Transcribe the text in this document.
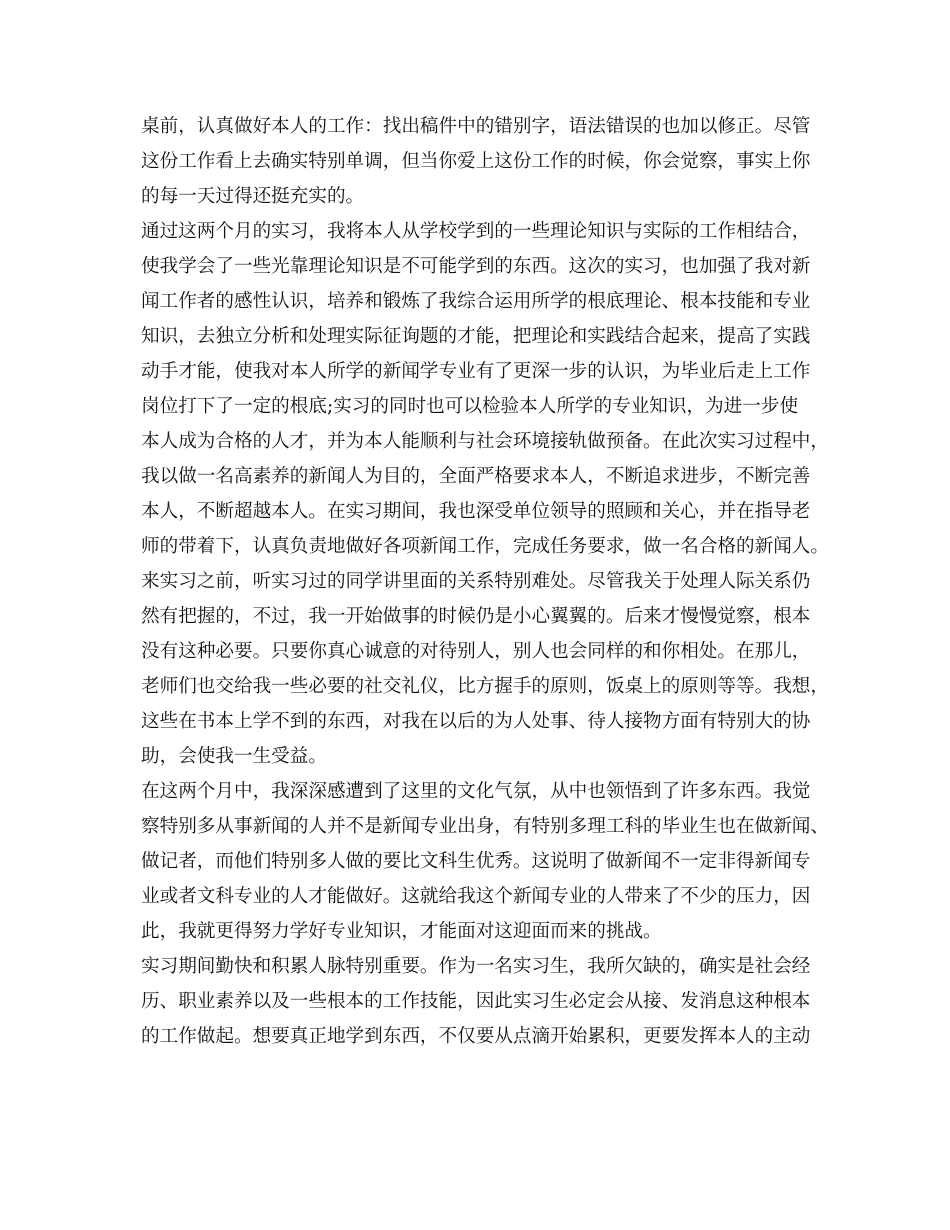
桌前，认真做好本人的工作：找出稿件中的错别字，语法错误的也加以修正。尽管
这份工作看上去确实特别单调，但当你爱上这份工作的时候，你会觉察，事实上你
的每一天过得还挺充实的。
通过这两个月的实习，我将本人从学校学到的一些理论知识与实际的工作相结合，
使我学会了一些光靠理论知识是不可能学到的东西。这次的实习，也加强了我对新
闻工作者的感性认识，培养和锻炼了我综合运用所学的根底理论、根本技能和专业
知识，去独立分析和处理实际征询题的才能，把理论和实践结合起来，提高了实践
动手才能，使我对本人所学的新闻学专业有了更深一步的认识，为毕业后走上工作
岗位打下了一定的根底;实习的同时也可以检验本人所学的专业知识，为进一步使
本人成为合格的人才，并为本人能顺利与社会环境接轨做预备。在此次实习过程中，
我以做一名高素养的新闻人为目的，全面严格要求本人，不断追求进步，不断完善
本人，不断超越本人。在实习期间，我也深受单位领导的照顾和关心，并在指导老
师的带着下，认真负责地做好各项新闻工作，完成任务要求，做一名合格的新闻人。
来实习之前，听实习过的同学讲里面的关系特别难处。尽管我关于处理人际关系仍
然有把握的，不过，我一开始做事的时候仍是小心翼翼的。后来才慢慢觉察，根本
没有这种必要。只要你真心诚意的对待别人，别人也会同样的和你相处。在那儿，
老师们也交给我一些必要的社交礼仪，比方握手的原则，饭桌上的原则等等。我想，
这些在书本上学不到的东西，对我在以后的为人处事、待人接物方面有特别大的协
助，会使我一生受益。
在这两个月中，我深深感遭到了这里的文化气氛，从中也领悟到了许多东西。我觉
察特别多从事新闻的人并不是新闻专业出身，有特别多理工科的毕业生也在做新闻、
做记者，而他们特别多人做的要比文科生优秀。这说明了做新闻不一定非得新闻专
业或者文科专业的人才能做好。这就给我这个新闻专业的人带来了不少的压力，因
此，我就更得努力学好专业知识，才能面对这迎面而来的挑战。
实习期间勤快和积累人脉特别重要。作为一名实习生，我所欠缺的，确实是社会经
历、职业素养以及一些根本的工作技能，因此实习生必定会从接、发消息这种根本
的工作做起。想要真正地学到东西，不仅要从点滴开始累积，更要发挥本人的主动
